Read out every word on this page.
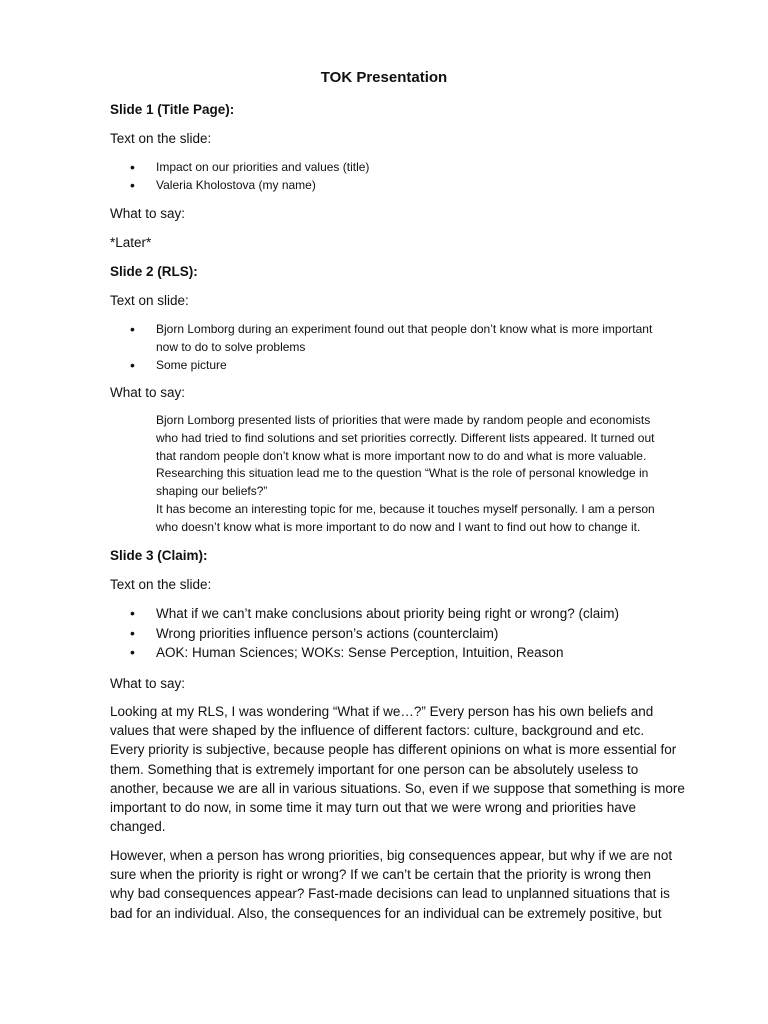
TOK Presentation
Slide 1 (Title Page):
Text on the slide:
• Impact on our priorities and values (title)
• Valeria Kholostova (my name)
What to say:
*Later*
Slide 2 (RLS):
Text on slide:
• Bjorn Lomborg during an experiment found out that people don’t know what is more important
now to do to solve problems
• Some picture
What to say:
Bjorn Lomborg presented lists of priorities that were made by random people and economists
who had tried to find solutions and set priorities correctly. Different lists appeared. It turned out
that random people don’t know what is more important now to do and what is more valuable.
Researching this situation lead me to the question “What is the role of personal knowledge in
shaping our beliefs?”
It has become an interesting topic for me, because it touches myself personally. I am a person
who doesn’t know what is more important to do now and I want to find out how to change it.
Slide 3 (Claim):
Text on the slide:
• What if we can’t make conclusions about priority being right or wrong? (claim)
• Wrong priorities influence person’s actions (counterclaim)
• AOK: Human Sciences; WOKs: Sense Perception, Intuition, Reason
What to say:
Looking at my RLS, I was wondering “What if we…?” Every person has his own beliefs and
values that were shaped by the influence of different factors: culture, background and etc.
Every priority is subjective, because people has different opinions on what is more essential for
them. Something that is extremely important for one person can be absolutely useless to
another, because we are all in various situations. So, even if we suppose that something is more
important to do now, in some time it may turn out that we were wrong and priorities have
changed.
However, when a person has wrong priorities, big consequences appear, but why if we are not
sure when the priority is right or wrong? If we can’t be certain that the priority is wrong then
why bad consequences appear? Fast-made decisions can lead to unplanned situations that is
bad for an individual. Also, the consequences for an individual can be extremely positive, but
